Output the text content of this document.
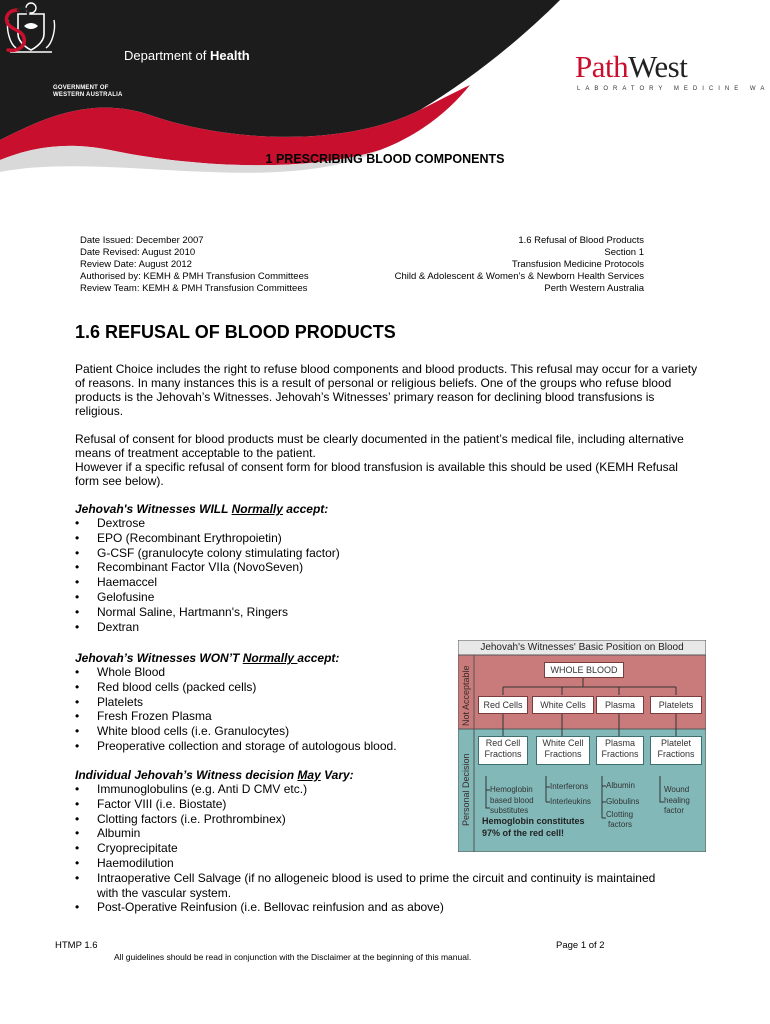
GOVERNMENT OF
WESTERN AUSTRALIA
Department of Health	PathWest
LABORATORY MEDICINE WA
1 PRESCRIBING BLOOD COMPONENTS
Date Issued: December 2007
Date Revised: August 2010
Review Date: August 2012
Authorised by: KEMH & PMH Transfusion Committees
Review Team: KEMH & PMH Transfusion Committees
1.6 Refusal of Blood Products
Section 1
Transfusion Medicine Protocols
Child & Adolescent & Women’s & Newborn Health Services
Perth Western Australia
1.6 REFUSAL OF BLOOD PRODUCTS
Patient Choice includes the right to refuse blood components and blood products. This refusal may occur for a variety of reasons. In many instances this is a result of personal or religious beliefs. One of the groups who refuse blood products is the Jehovah’s Witnesses. Jehovah’s Witnesses’ primary reason for declining blood transfusions is religious.
Refusal of consent for blood products must be clearly documented in the patient’s medical file, including alternative means of treatment acceptable to the patient.
However if a specific refusal of consent form for blood transfusion is available this should be used (KEMH Refusal form see below).
Jehovah's Witnesses WILL Normally accept:
• Dextrose
• EPO (Recombinant Erythropoietin)
• G-CSF (granulocyte colony stimulating factor)
• Recombinant Factor VIIa (NovoSeven)
• Haemaccel
• Gelofusine
• Normal Saline, Hartmann's, Ringers
• Dextran
Jehovah’s Witnesses WON’T Normally accept:
• Whole Blood
• Red blood cells (packed cells)
• Platelets
• Fresh Frozen Plasma
• White blood cells (i.e. Granulocytes)
• Preoperative collection and storage of autologous blood.
Individual Jehovah’s Witness decision May Vary:
• Immunoglobulins (e.g. Anti D CMV etc.)
• Factor VIII (i.e. Biostate)
• Clotting factors (i.e. Prothrombinex)
• Albumin
• Cryoprecipitate
• Haemodilution
• Intraoperative Cell Salvage (if no allogeneic blood is used to prime the circuit and continuity is maintained with the vascular system.
• Post-Operative Reinfusion (i.e. Bellovac reinfusion and as above)
Jehovah's Witnesses' Basic Position on Blood
Not Acceptable
Personal Decision
WHOLE BLOOD
Red Cells	White Cells	Plasma	Platelets
Red Cell Fractions
White Cell Fractions
Plasma Fractions
Platelet Fractions
Hemoglobin
based blood
substitutes
Interferons
Interleukins
Albumin
Globulins
Clotting
factors
Wound
healing
factor
Hemoglobin constitutes
97% of the red cell!
HTMP 1.6	Page 1 of 2
All guidelines should be read in conjunction with the Disclaimer at the beginning of this manual.
